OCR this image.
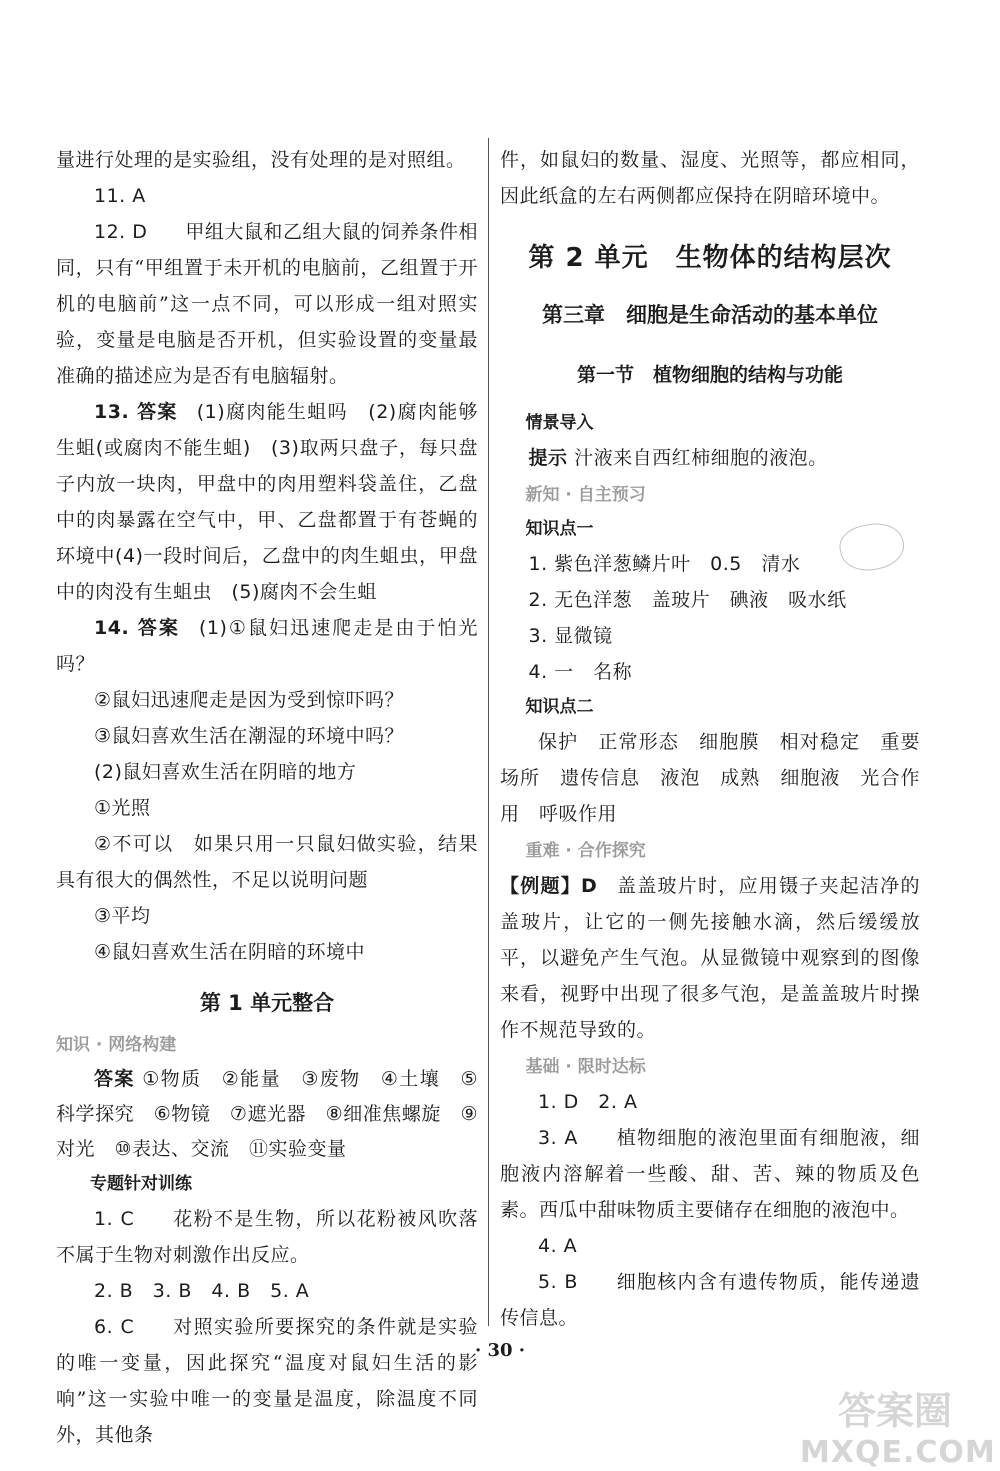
量进行处理的是实验组，没有处理的是对照组。

11. A

12. D 甲组大鼠和乙组大鼠的饲养条件相同，只有“甲组置于未开机的电脑前，乙组置于开机的电脑前”这一点不同，可以形成一组对照实验，变量是电脑是否开机，但实验设置的变量最准确的描述应为是否有电脑辐射。

13. 答案 (1)腐肉能生蛆吗　(2)腐肉能够生蛆(或腐肉不能生蛆)　(3)取两只盘子，每只盘子内放一块肉，甲盘中的肉用塑料袋盖住，乙盘中的肉暴露在空气中，甲、乙盘都置于有苍蝇的环境中(4)一段时间后，乙盘中的肉生蛆虫，甲盘中的肉没有生蛆虫　(5)腐肉不会生蛆

14. 答案 (1)①鼠妇迅速爬走是由于怕光吗？

②鼠妇迅速爬走是因为受到惊吓吗？

③鼠妇喜欢生活在潮湿的环境中吗？

(2)鼠妇喜欢生活在阴暗的地方

①光照

②不可以　如果只用一只鼠妇做实验，结果具有很大的偶然性，不足以说明问题

③平均

④鼠妇喜欢生活在阴暗的环境中

第 1 单元整合
知识 · 网络构建

答案 ①物质　②能量　③废物　④土壤　⑤科学探究　⑥物镜　⑦遮光器　⑧细准焦螺旋　⑨对光　⑩表达、交流　⑪实验变量

专题针对训练

1. C 花粉不是生物，所以花粉被风吹落不属于生物对刺激作出反应。

2. B　3. B　4. B　5. A

6. C 对照实验所要探究的条件就是实验的唯一变量，因此探究“温度对鼠妇生活的影响”这一实验中唯一的变量是温度，除温度不同外，其他条

件，如鼠妇的数量、湿度、光照等，都应相同，因此纸盒的左右两侧都应保持在阴暗环境中。

第 2 单元　生物体的结构层次
第三章　细胞是生命活动的基本单位
第一节　植物细胞的结构与功能
情景导入

提示 汁液来自西红柿细胞的液泡。

新知 · 自主预习
知识点一

1. 紫色洋葱鳞片叶　0.5　清水

2. 无色洋葱　盖玻片　碘液　吸水纸

3. 显微镜

4. 一　名称

知识点二

保护　正常形态　细胞膜　相对稳定　重要场所　遗传信息　液泡　成熟　细胞液　光合作用　呼吸作用

重难 · 合作探究

【例题】D 盖盖玻片时，应用镊子夹起洁净的盖玻片，让它的一侧先接触水滴，然后缓缓放平，以避免产生气泡。从显微镜中观察到的图像来看，视野中出现了很多气泡，是盖盖玻片时操作不规范导致的。

基础 · 限时达标

1. D　2. A

3. A 植物细胞的液泡里面有细胞液，细胞液内溶解着一些酸、甜、苦、辣的物质及色素。西瓜中甜味物质主要储存在细胞的液泡中。

4. A

5. B 细胞核内含有遗传物质，能传递遗传信息。

· 30 ·
答案圈
MXQE.COM
